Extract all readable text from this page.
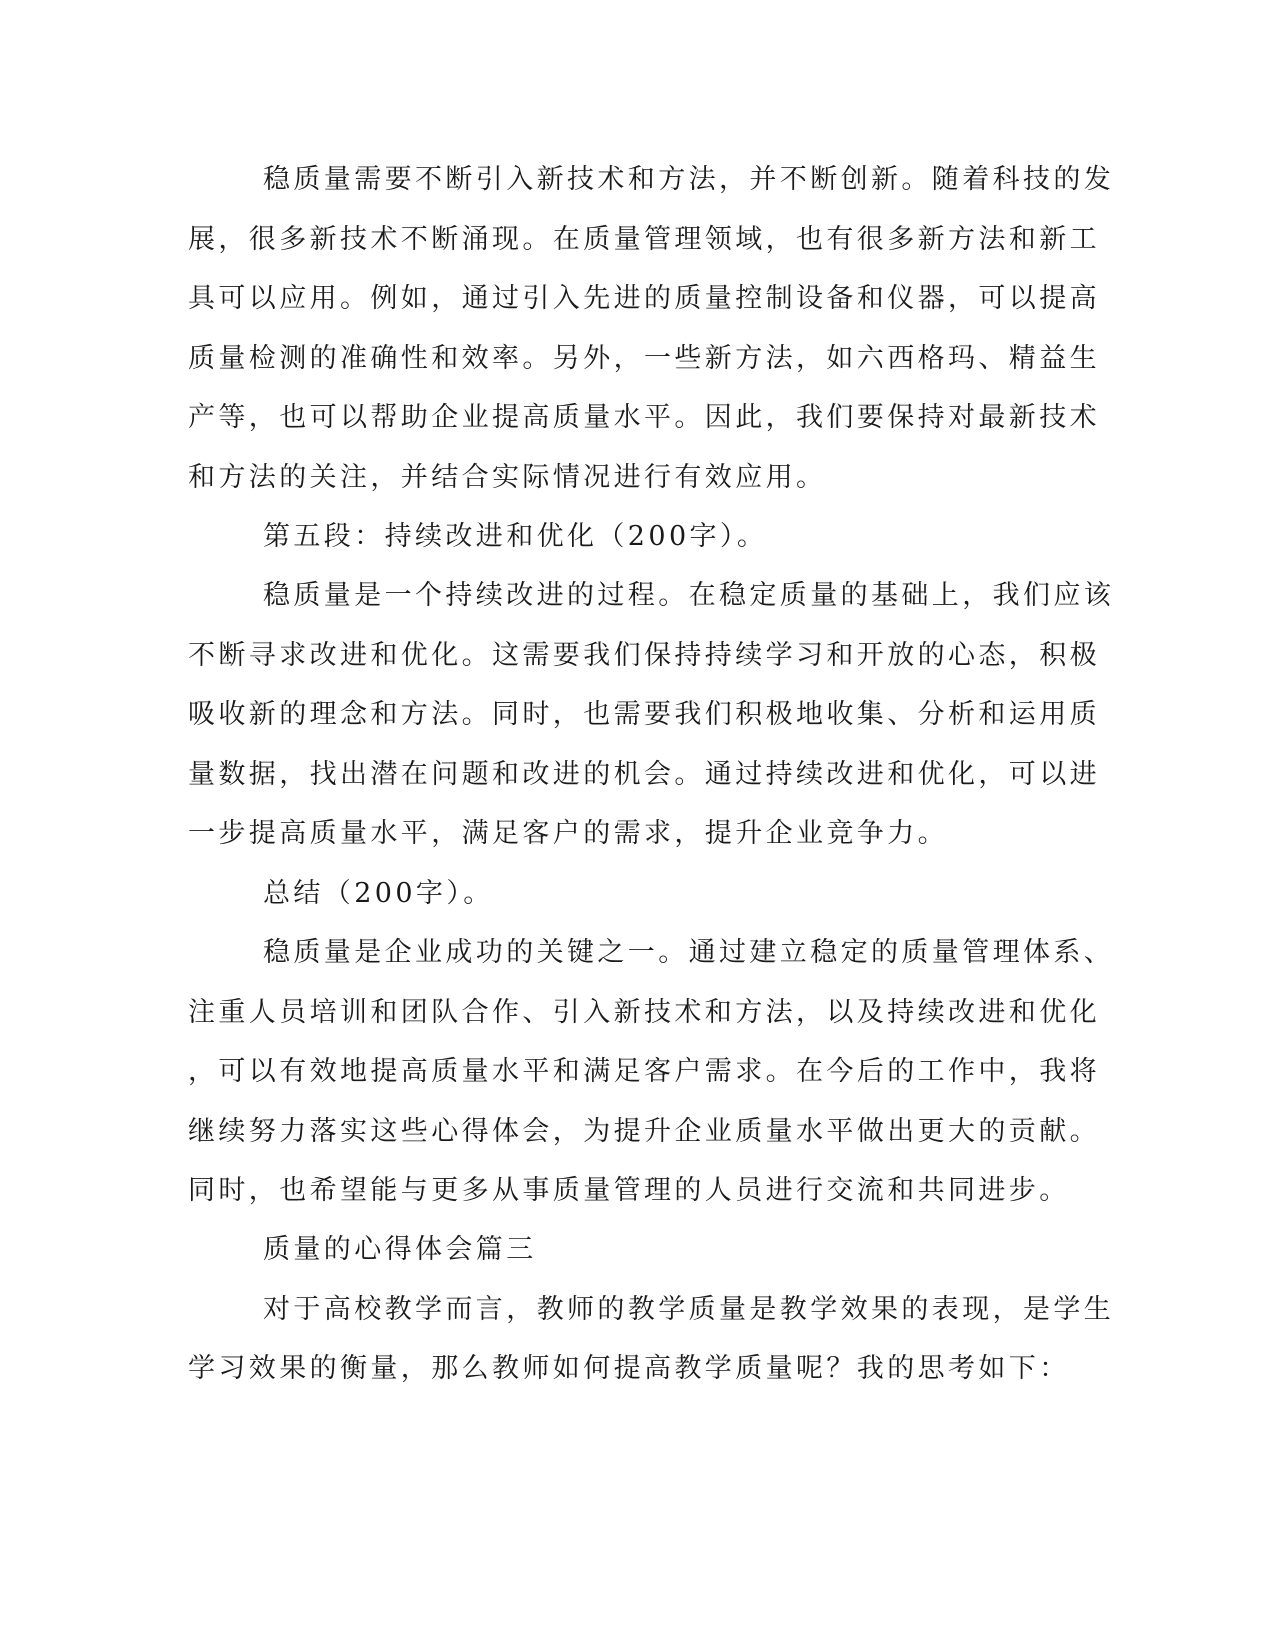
稳质量需要不断引入新技术和方法，并不断创新。随着科技的发
展，很多新技术不断涌现。在质量管理领域，也有很多新方法和新工
具可以应用。例如，通过引入先进的质量控制设备和仪器，可以提高
质量检测的准确性和效率。另外，一些新方法，如六西格玛、精益生
产等，也可以帮助企业提高质量水平。因此，我们要保持对最新技术
和方法的关注，并结合实际情况进行有效应用。
第五段：持续改进和优化（200字）。
稳质量是一个持续改进的过程。在稳定质量的基础上，我们应该
不断寻求改进和优化。这需要我们保持持续学习和开放的心态，积极
吸收新的理念和方法。同时，也需要我们积极地收集、分析和运用质
量数据，找出潜在问题和改进的机会。通过持续改进和优化，可以进
一步提高质量水平，满足客户的需求，提升企业竞争力。
总结（200字）。
稳质量是企业成功的关键之一。通过建立稳定的质量管理体系、
注重人员培训和团队合作、引入新技术和方法，以及持续改进和优化
，可以有效地提高质量水平和满足客户需求。在今后的工作中，我将
继续努力落实这些心得体会，为提升企业质量水平做出更大的贡献。
同时，也希望能与更多从事质量管理的人员进行交流和共同进步。
质量的心得体会篇三
对于高校教学而言，教师的教学质量是教学效果的表现，是学生
学习效果的衡量，那么教师如何提高教学质量呢？我的思考如下：
